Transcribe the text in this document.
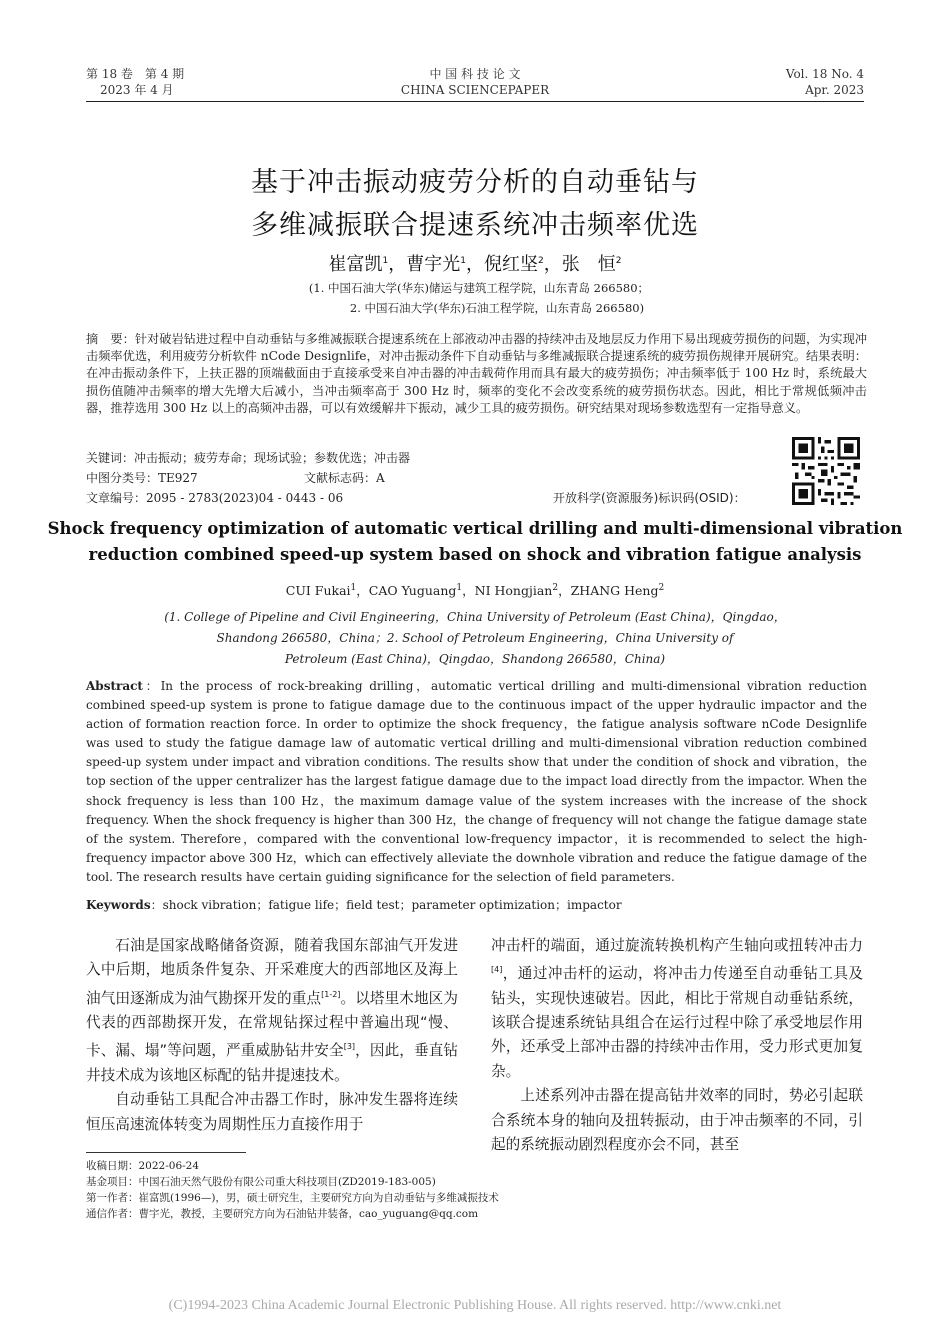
第 18 卷　第 4 期
2023 年 4 月
中 国 科 技 论 文
CHINA SCIENCEPAPER
Vol. 18 No. 4
Apr. 2023
基于冲击振动疲劳分析的自动垂钻与
多维减振联合提速系统冲击频率优选
崔富凯$^1$，曹宇光$^1$，倪红坚$^2$，张　恒$^2$
(1. 中国石油大学(华东)储运与建筑工程学院，山东青岛 266580；
2. 中国石油大学(华东)石油工程学院，山东青岛 266580)

摘　要：针对破岩钻进过程中自动垂钻与多维减振联合提速系统在上部液动冲击器的持续冲击及地层反力作用下易出现疲劳损伤的问题，为实现冲击频率优选，利用疲劳分析软件 nCode Designlife，对冲击振动条件下自动垂钻与多维减振联合提速系统的疲劳损伤规律开展研究。结果表明：在冲击振动条件下，上扶正器的顶端截面由于直接承受来自冲击器的冲击载荷作用而具有最大的疲劳损伤；冲击频率低于 100 Hz 时，系统最大损伤值随冲击频率的增大先增大后减小，当冲击频率高于 300 Hz 时，频率的变化不会改变系统的疲劳损伤状态。因此，相比于常规低频冲击器，推荐选用 300 Hz 以上的高频冲击器，可以有效缓解井下振动，减少工具的疲劳损伤。研究结果对现场参数选型有一定指导意义。

关键词：冲击振动；疲劳寿命；现场试验；参数优选；冲击器
中图分类号：TE927	文献标志码：A
文章编号：2095 - 2783(2023)04 - 0443 - 06	开放科学(资源服务)标识码(OSID)：
Shock frequency optimization of automatic vertical drilling and multi-dimensional vibration
reduction combined speed-up system based on shock and vibration fatigue analysis
CUI Fukai$^1$，CAO Yuguang$^1$，NI Hongjian$^2$，ZHANG Heng$^2$
(1. College of Pipeline and Civil Engineering，China University of Petroleum (East China)，Qingdao，
Shandong 266580，China；2. School of Petroleum Engineering，China University of
Petroleum (East China)，Qingdao，Shandong 266580，China)
Abstract：In the process of rock-breaking drilling，automatic vertical drilling and multi-dimensional vibration reduction combined speed-up system is prone to fatigue damage due to the continuous impact of the upper hydraulic impactor and the action of formation reaction force. In order to optimize the shock frequency，the fatigue analysis software nCode Designlife was used to study the fatigue damage law of automatic vertical drilling and multi-dimensional vibration reduction combined speed-up system under impact and vibration conditions. The results show that under the condition of shock and vibration，the top section of the upper centralizer has the largest fatigue damage due to the impact load directly from the impactor. When the shock frequency is less than 100 Hz，the maximum damage value of the system increases with the increase of the shock frequency. When the shock frequency is higher than 300 Hz，the change of frequency will not change the fatigue damage state of the system. Therefore，compared with the conventional low-frequency impactor，it is recommended to select the high-frequency impactor above 300 Hz，which can effectively alleviate the downhole vibration and reduce the fatigue damage of the tool. The research results have certain guiding significance for the selection of field parameters.
Keywords：shock vibration；fatigue life；field test；parameter optimization；impactor

石油是国家战略储备资源，随着我国东部油气开发进入中后期，地质条件复杂、开采难度大的西部地区及海上油气田逐渐成为油气勘探开发的重点[1-2]。以塔里木地区为代表的西部勘探开发，在常规钻探过程中普遍出现“慢、卡、漏、塌”等问题，严重威胁钻井安全[3]，因此，垂直钻井技术成为该地区标配的钻井提速技术。

自动垂钻工具配合冲击器工作时，脉冲发生器将连续恒压高速流体转变为周期性压力直接作用于

冲击杆的端面，通过旋流转换机构产生轴向或扭转冲击力[4]，通过冲击杆的运动，将冲击力传递至自动垂钻工具及钻头，实现快速破岩。因此，相比于常规自动垂钻系统，该联合提速系统钻具组合在运行过程中除了承受地层作用外，还承受上部冲击器的持续冲击作用，受力形式更加复杂。

上述系列冲击器在提高钻井效率的同时，势必引起联合系统本身的轴向及扭转振动，由于冲击频率的不同，引起的系统振动剧烈程度亦会不同，甚至

收稿日期：2022-06-24
基金项目：中国石油天然气股份有限公司重大科技项目(ZD2019-183-005)
第一作者：崔富凯(1996—)，男，硕士研究生，主要研究方向为自动垂钻与多维减振技术
通信作者：曹宇光，教授，主要研究方向为石油钻井装备，cao_yuguang@qq.com
(C)1994-2023 China Academic Journal Electronic Publishing House. All rights reserved. http://www.cnki.net
